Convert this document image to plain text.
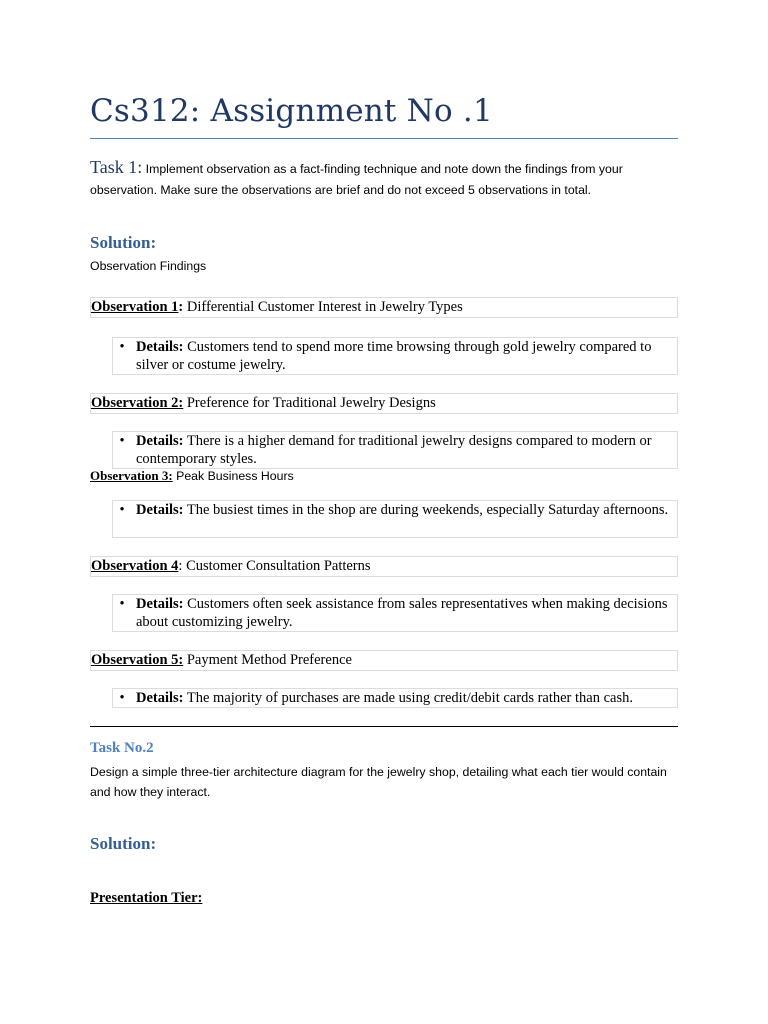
Cs312: Assignment No .1
Task 1: Implement observation as a fact-finding technique and note down the findings from your observation. Make sure the observations are brief and do not exceed 5 observations in total.
Solution:
Observation Findings
Observation 1: Differential Customer Interest in Jewelry Types
• Details: Customers tend to spend more time browsing through gold jewelry compared to silver or costume jewelry.
Observation 2: Preference for Traditional Jewelry Designs
• Details: There is a higher demand for traditional jewelry designs compared to modern or contemporary styles.
Observation 3: Peak Business Hours
• Details: The busiest times in the shop are during weekends, especially Saturday afternoons.
Observation 4: Customer Consultation Patterns
• Details: Customers often seek assistance from sales representatives when making decisions about customizing jewelry.
Observation 5: Payment Method Preference
• Details: The majority of purchases are made using credit/debit cards rather than cash.
Task No.2
Design a simple three-tier architecture diagram for the jewelry shop, detailing what each tier would contain and how they interact.
Solution:
Presentation Tier:
